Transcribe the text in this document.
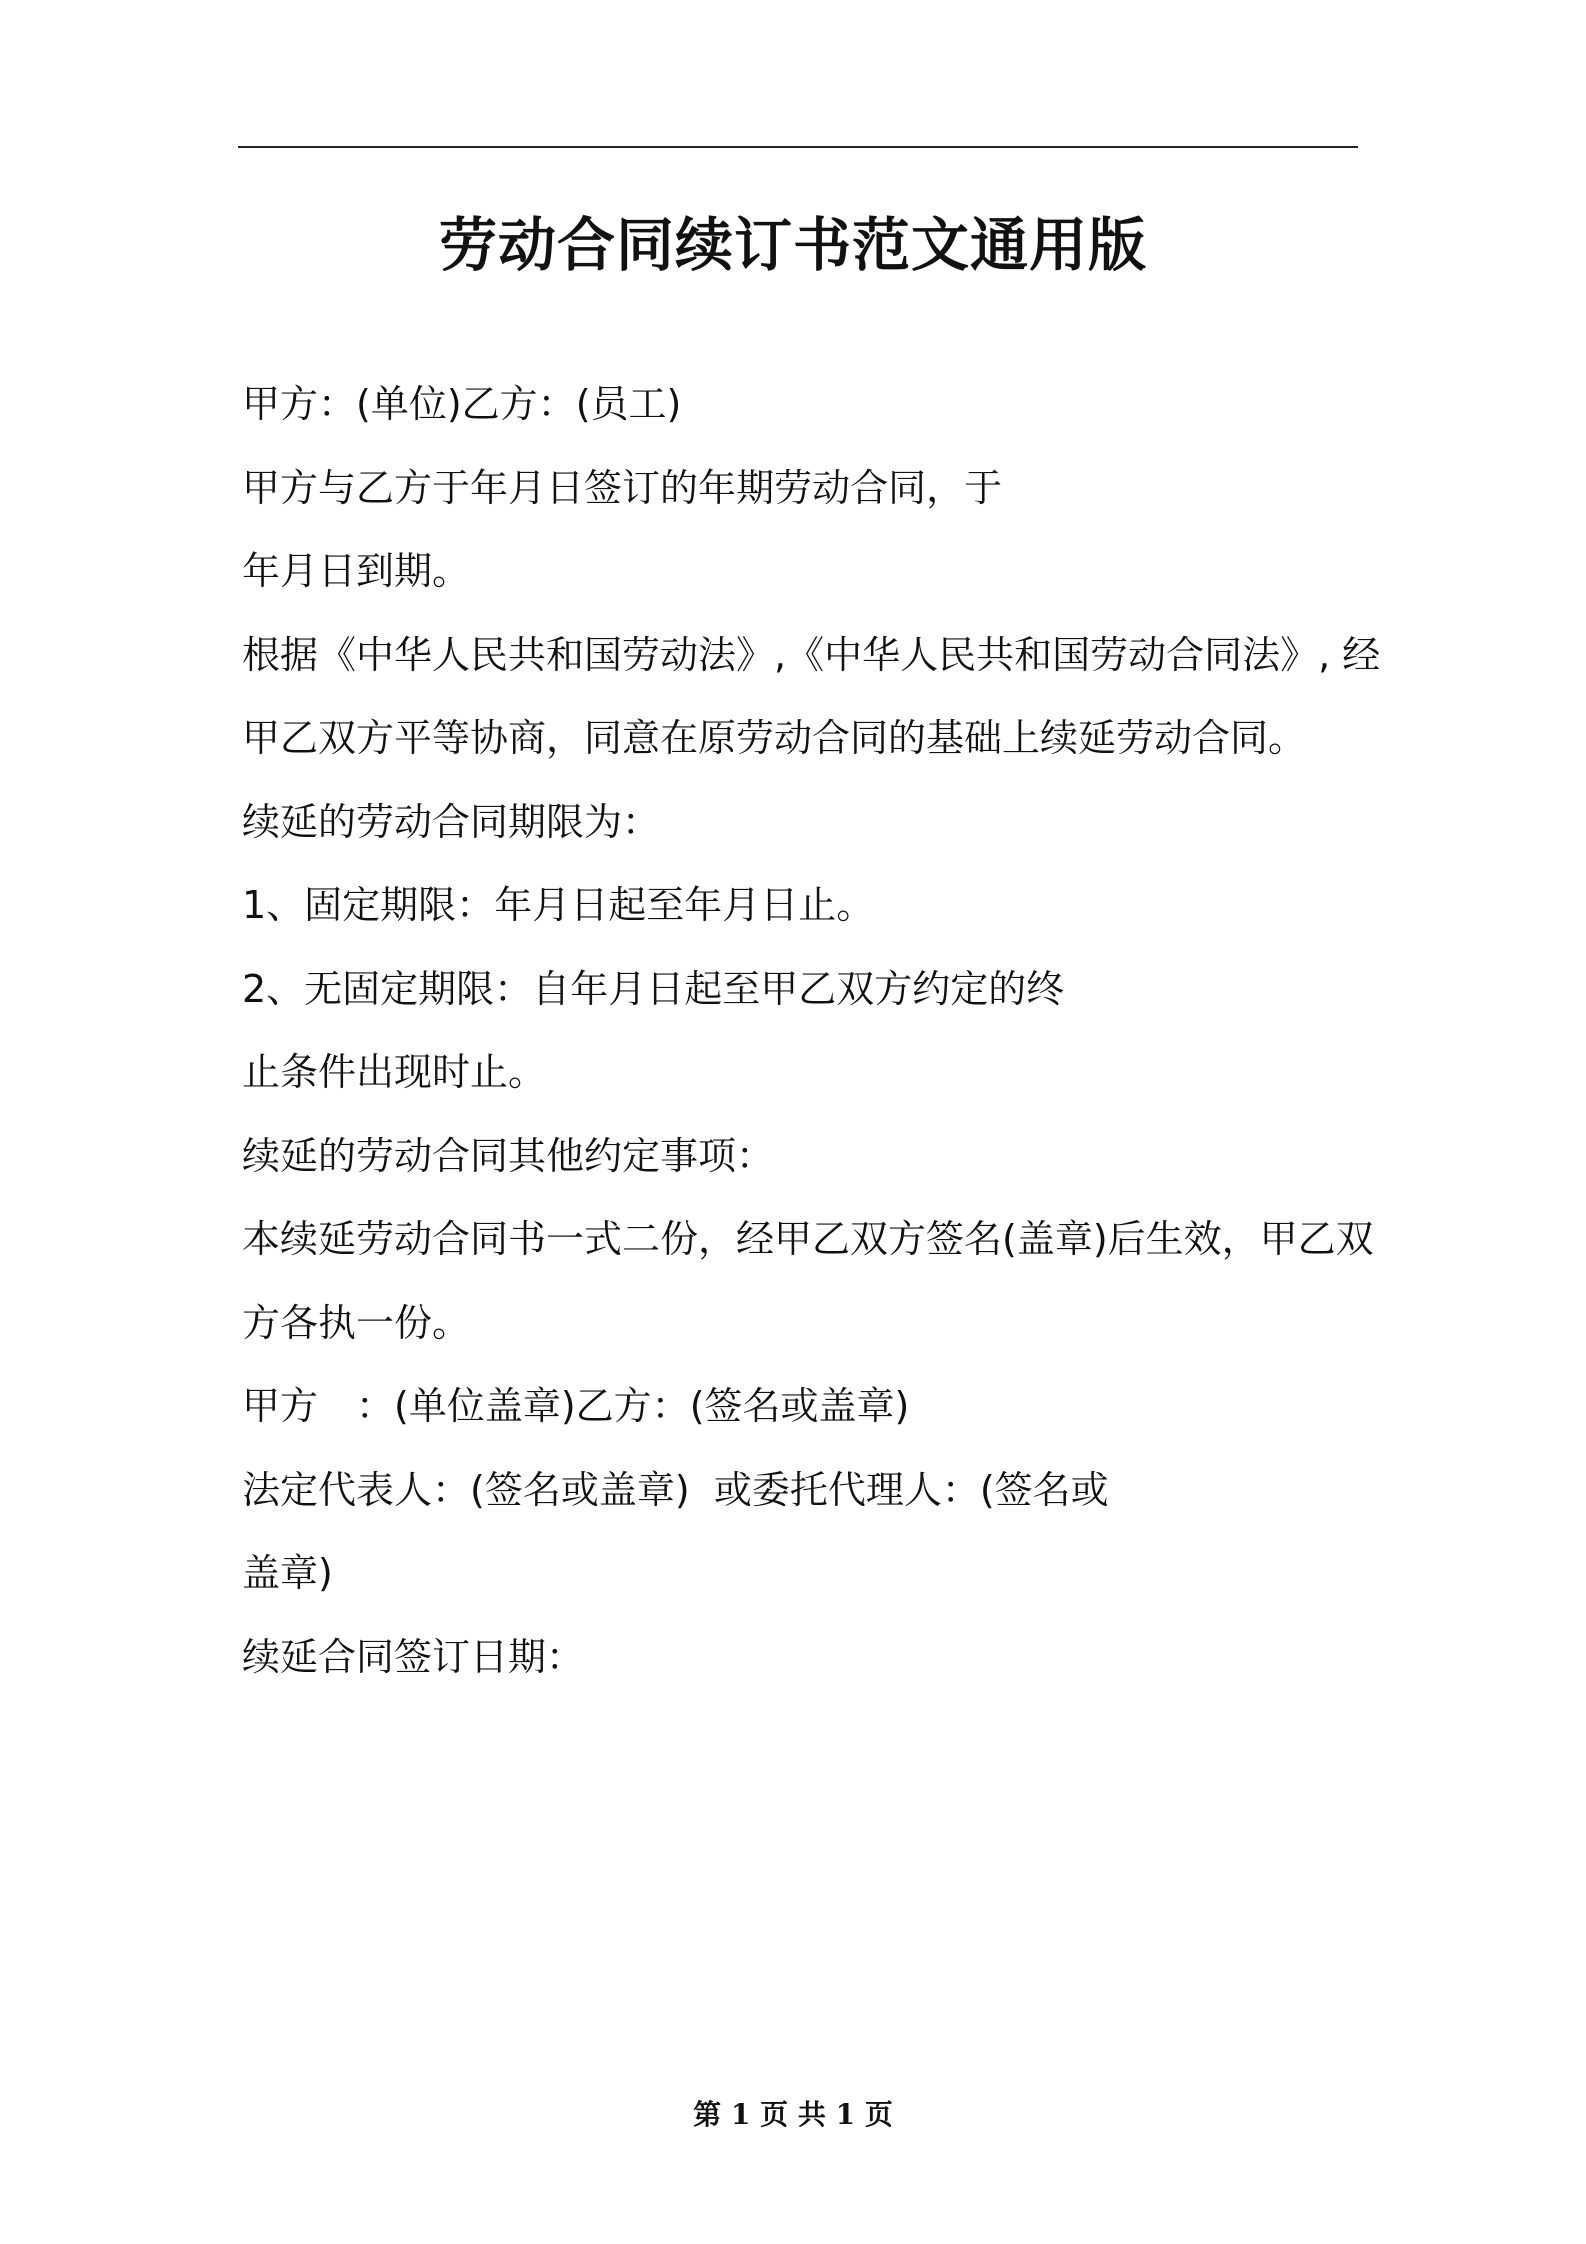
劳动合同续订书范文通用版
甲方：(单位)乙方：(员工)
甲方与乙方于年月日签订的年期劳动合同，于
年月日到期。
根据《中华人民共和国劳动法》,《中华人民共和国劳动合同法》, 经
甲乙双方平等协商，同意在原劳动合同的基础上续延劳动合同。
续延的劳动合同期限为：
1、固定期限：年月日起至年月日止。
2、无固定期限：自年月日起至甲乙双方约定的终
止条件出现时止。
续延的劳动合同其他约定事项：
本续延劳动合同书一式二份，经甲乙双方签名(盖章)后生效，甲乙双
方各执一份。
甲方　：(单位盖章)乙方：(签名或盖章)
法定代表人：(签名或盖章)  或委托代理人：(签名或
盖章)
续延合同签订日期：
第 1 页 共 1 页
